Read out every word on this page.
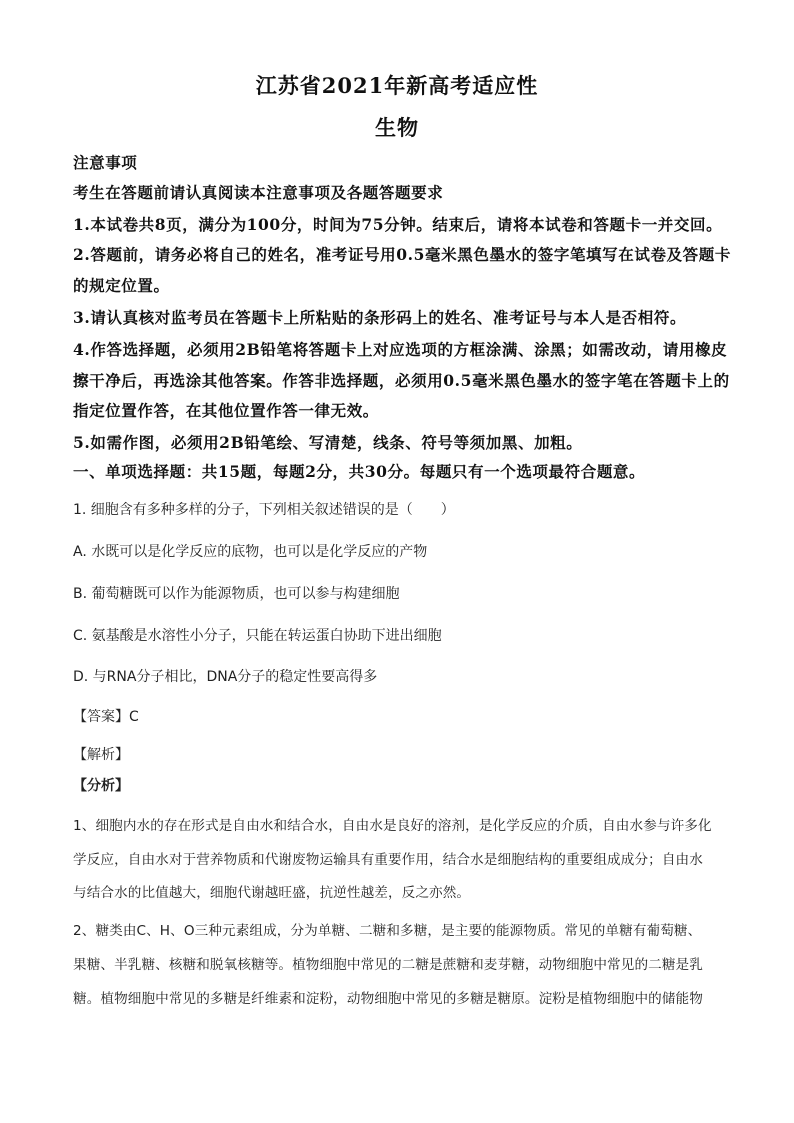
江苏省2021年新高考适应性
生物
注意事项
考生在答题前请认真阅读本注意事项及各题答题要求
1.本试卷共8页，满分为100分，时间为75分钟。结束后，请将本试卷和答题卡一并交回。
2.答题前，请务必将自己的姓名，准考证号用0.5毫米黑色墨水的签字笔填写在试卷及答题卡
的规定位置。
3.请认真核对监考员在答题卡上所粘贴的条形码上的姓名、准考证号与本人是否相符。
4.作答选择题，必须用2B铅笔将答题卡上对应选项的方框涂满、涂黑；如需改动，请用橡皮
擦干净后，再选涂其他答案。作答非选择题，必须用0.5毫米黑色墨水的签字笔在答题卡上的
指定位置作答，在其他位置作答一律无效。
5.如需作图，必须用2B铅笔绘、写清楚，线条、符号等须加黑、加粗。
一、单项选择题：共15题，每题2分，共30分。每题只有一个选项最符合题意。
1. 细胞含有多种多样的分子，下列相关叙述错误的是（　　）
A. 水既可以是化学反应的底物，也可以是化学反应的产物
B. 葡萄糖既可以作为能源物质，也可以参与构建细胞
C. 氨基酸是水溶性小分子，只能在转运蛋白协助下进出细胞
D. 与RNA分子相比，DNA分子的稳定性要高得多
【答案】C
【解析】
【分析】
1、细胞内水的存在形式是自由水和结合水，自由水是良好的溶剂，是化学反应的介质，自由水参与许多化
学反应，自由水对于营养物质和代谢废物运输具有重要作用，结合水是细胞结构的重要组成成分；自由水
与结合水的比值越大，细胞代谢越旺盛，抗逆性越差，反之亦然。
2、糖类由C、H、O三种元素组成，分为单糖、二糖和多糖，是主要的能源物质。常见的单糖有葡萄糖、
果糖、半乳糖、核糖和脱氧核糖等。植物细胞中常见的二糖是蔗糖和麦芽糖，动物细胞中常见的二糖是乳
糖。植物细胞中常见的多糖是纤维素和淀粉，动物细胞中常见的多糖是糖原。淀粉是植物细胞中的储能物
